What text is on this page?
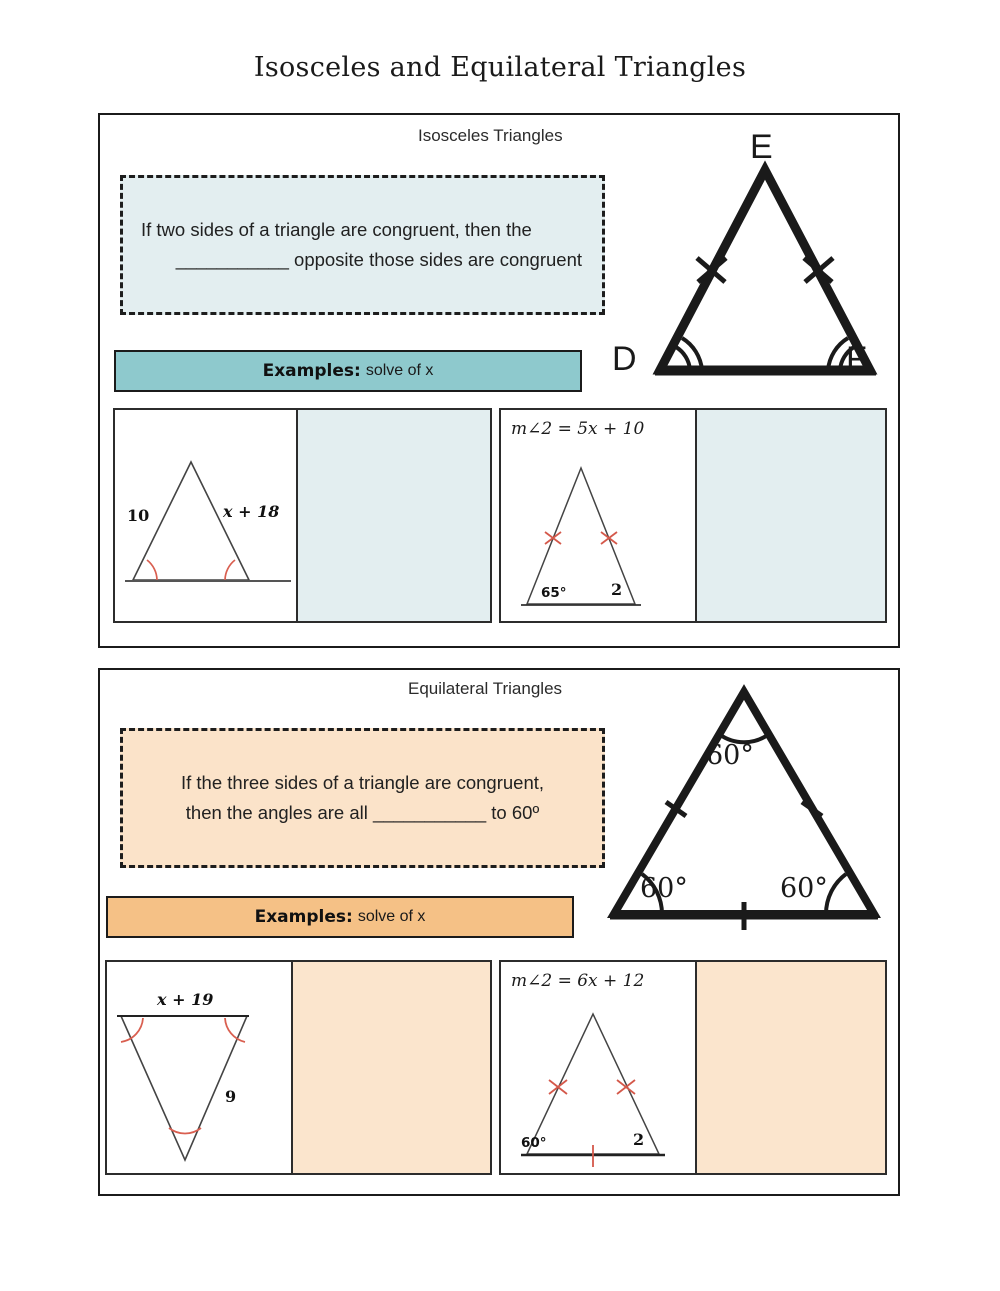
Isosceles and Equilateral Triangles
Isosceles Triangles
If two sides of a triangle are congruent, then the
___________ opposite those sides are congruent
E
D	F
Examples: solve of x
10	x + 18
m∠2 = 5x + 10
65°	2
Equilateral Triangles
If the three sides of a triangle are congruent,
then the angles are all ___________ to 60º
60°
60°	60°
Examples: solve of x
x + 19
9
m∠2 = 6x + 12
60°	2
